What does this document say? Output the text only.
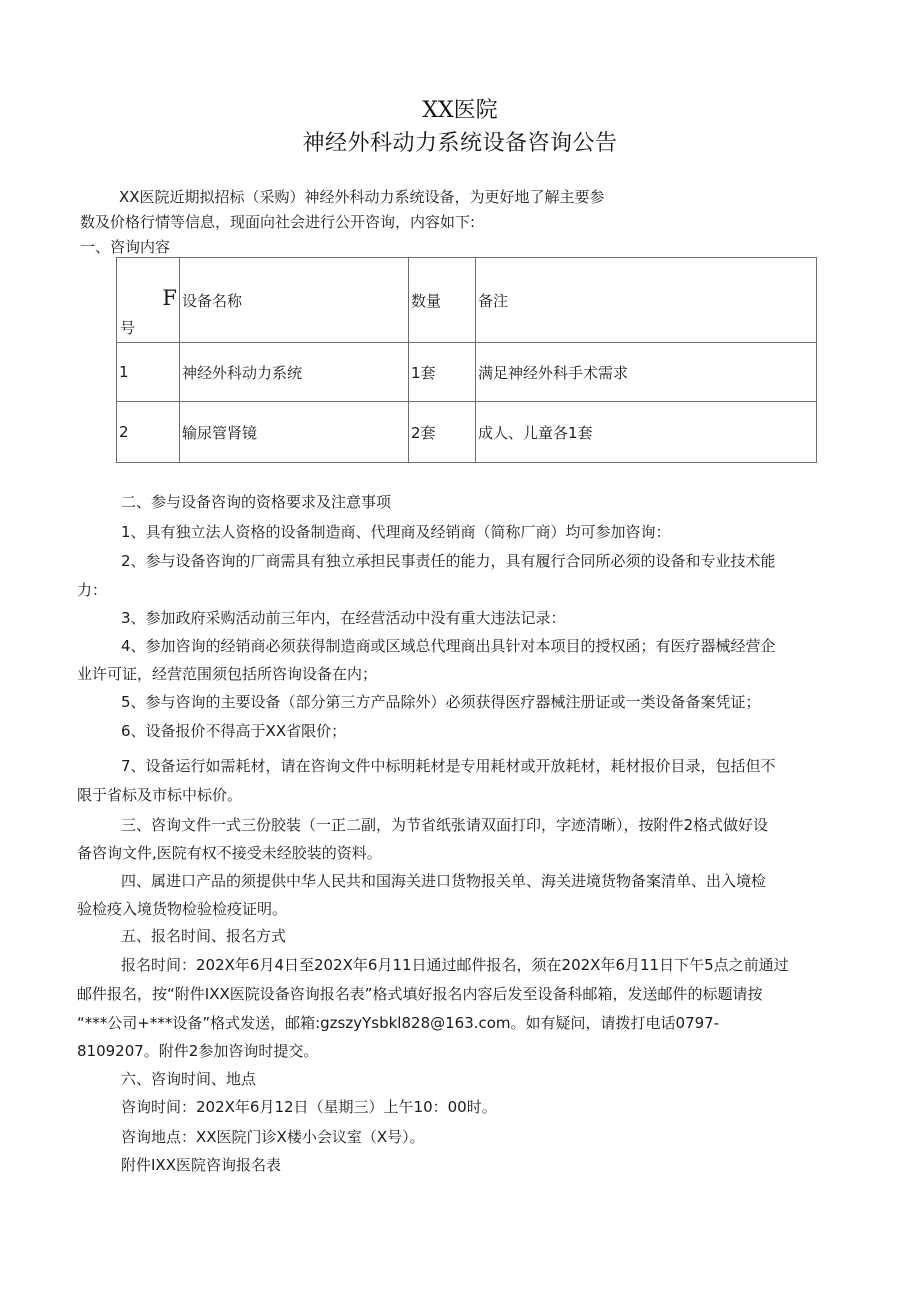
XX医院
神经外科动力系统设备咨询公告
XX医院近期拟招标（采购）神经外科动力系统设备，为更好地了解主要参
数及价格行情等信息，现面向社会进行公开咨询，内容如下:
一、咨询内容
F
号	设备名称	数量	备注
1	神经外科动力系统	1套	满足神经外科手术需求
2	输尿管肾镜	2套	成人、儿童各1套
二、参与设备咨询的资格要求及注意事项
1、具有独立法人资格的设备制造商、代理商及经销商（简称厂商）均可参加咨询：
2、参与设备咨询的厂商需具有独立承担民事责任的能力，具有履行合同所必须的设备和专业技术能
力：
3、参加政府采购活动前三年内，在经营活动中没有重大违法记录：
4、参加咨询的经销商必须获得制造商或区域总代理商出具针对本项目的授权函；有医疗器械经营企
业许可证，经营范围须包括所咨询设备在内；
5、参与咨询的主要设备（部分第三方产品除外）必须获得医疗器械注册证或一类设备备案凭证；
6、设备报价不得高于XX省限价；
7、设备运行如需耗材，请在咨询文件中标明耗材是专用耗材或开放耗材，耗材报价目录，包括但不
限于省标及市标中标价。
三、咨询文件一式三份胶装（一正二副，为节省纸张请双面打印，字迹清晰），按附件2格式做好设
备咨询文件,医院有权不接受未经胶装的资料。
四、属进口产品的须提供中华人民共和国海关进口货物报关单、海关进境货物备案清单、出入境检
验检疫入境货物检验检疫证明。
五、报名时间、报名方式
报名时间：202X年6月4日至202X年6月11日通过邮件报名，须在202X年6月11日下午5点之前通过
邮件报名，按“附件IXX医院设备咨询报名表”格式填好报名内容后发至设备科邮箱，发送邮件的标题请按
“***公司+***设备”格式发送，邮箱:gzszyYsbkl828@163.com。如有疑问，请拨打电话0797-
8109207。附件2参加咨询时提交。
六、咨询时间、地点
咨询时间：202X年6月12日（星期三）上午10：00时。
咨询地点：XX医院门诊X楼小会议室（X号）。
附件IXX医院咨询报名表
